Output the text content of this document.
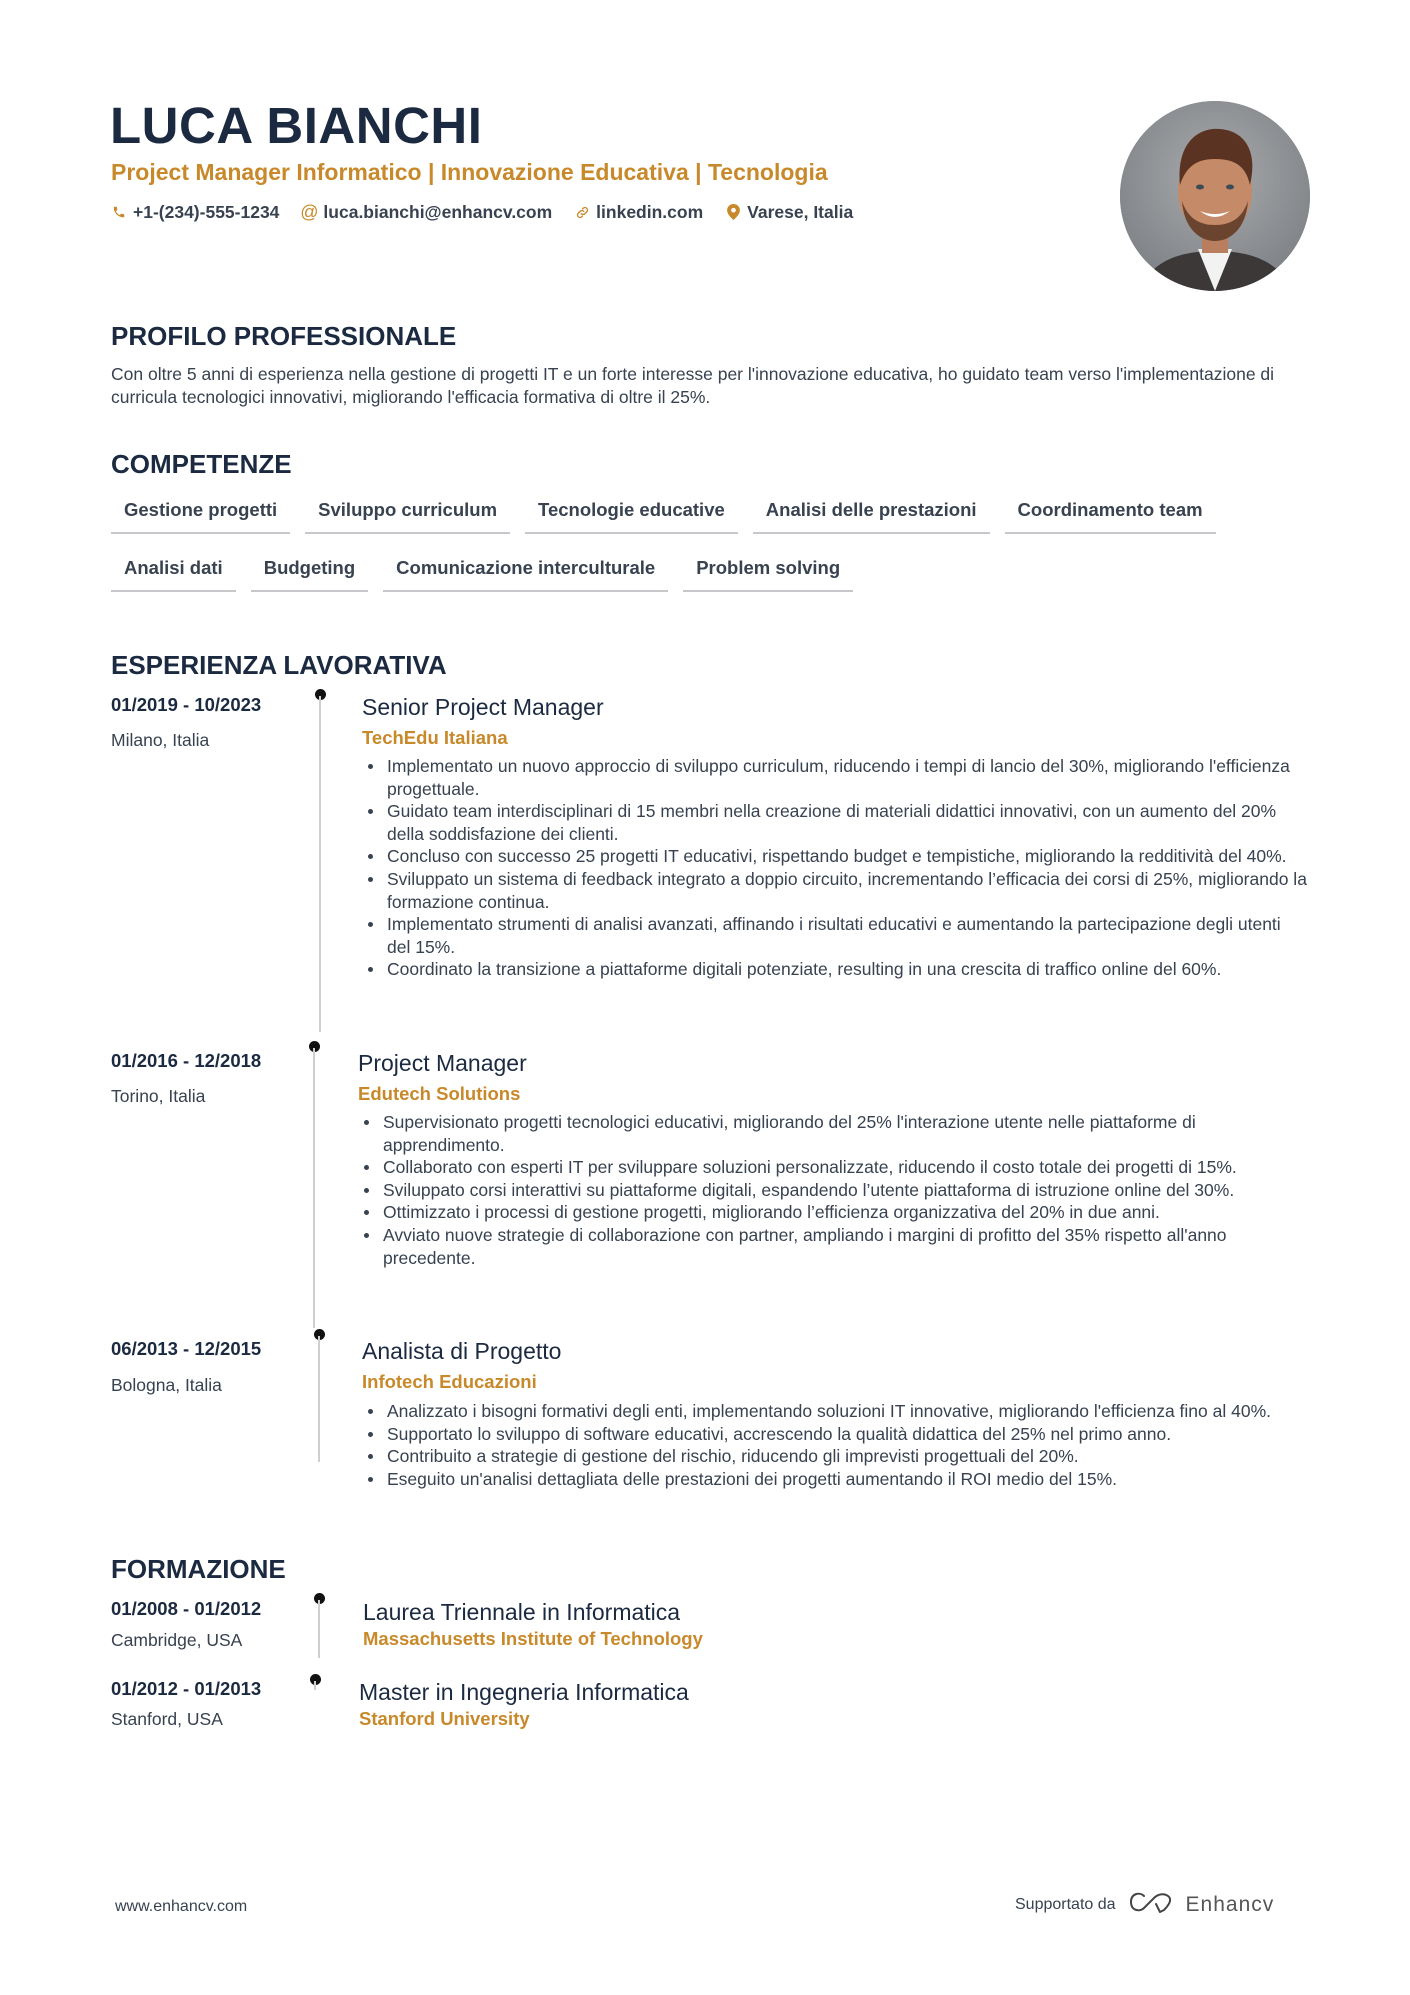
LUCA BIANCHI
Project Manager Informatico | Innovazione Educativa | Tecnologia
+1-(234)-555-1234 @ luca.bianchi@enhancv.com	linkedin.com	Varese, Italia
PROFILO PROFESSIONALE
Con oltre 5 anni di esperienza nella gestione di progetti IT e un forte interesse per l'innovazione educativa, ho guidato team verso l'implementazione di curricula tecnologici innovativi, migliorando l'efficacia formativa di oltre il 25%.
COMPETENZE
Gestione progetti	Sviluppo curriculum	Tecnologie educative	Analisi delle prestazioni	Coordinamento team
Analisi dati	Budgeting	Comunicazione interculturale	Problem solving
ESPERIENZA LAVORATIVA
01/2019 - 10/2023
Milano, Italia
Senior Project Manager
TechEdu Italiana
Implementato un nuovo approccio di sviluppo curriculum, riducendo i tempi di lancio del 30%, migliorando l'efficienza progettuale.
Guidato team interdisciplinari di 15 membri nella creazione di materiali didattici innovativi, con un aumento del 20% della soddisfazione dei clienti.
Concluso con successo 25 progetti IT educativi, rispettando budget e tempistiche, migliorando la redditività del 40%.
Sviluppato un sistema di feedback integrato a doppio circuito, incrementando l’efficacia dei corsi di 25%, migliorando la formazione continua.
Implementato strumenti di analisi avanzati, affinando i risultati educativi e aumentando la partecipazione degli utenti del 15%.
Coordinato la transizione a piattaforme digitali potenziate, resulting in una crescita di traffico online del 60%.
01/2016 - 12/2018
Torino, Italia
Project Manager
Edutech Solutions
Supervisionato progetti tecnologici educativi, migliorando del 25% l'interazione utente nelle piattaforme di apprendimento.
Collaborato con esperti IT per sviluppare soluzioni personalizzate, riducendo il costo totale dei progetti di 15%.
Sviluppato corsi interattivi su piattaforme digitali, espandendo l’utente piattaforma di istruzione online del 30%.
Ottimizzato i processi di gestione progetti, migliorando l’efficienza organizzativa del 20% in due anni.
Avviato nuove strategie di collaborazione con partner, ampliando i margini di profitto del 35% rispetto all'anno precedente.
06/2013 - 12/2015
Bologna, Italia
Analista di Progetto
Infotech Educazioni
Analizzato i bisogni formativi degli enti, implementando soluzioni IT innovative, migliorando l'efficienza fino al 40%.
Supportato lo sviluppo di software educativi, accrescendo la qualità didattica del 25% nel primo anno.
Contribuito a strategie di gestione del rischio, riducendo gli imprevisti progettuali del 20%.
Eseguito un'analisi dettagliata delle prestazioni dei progetti aumentando il ROI medio del 15%.
FORMAZIONE
01/2008 - 01/2012
Cambridge, USA
Laurea Triennale in Informatica
Massachusetts Institute of Technology
01/2012 - 01/2013
Stanford, USA
Master in Ingegneria Informatica
Stanford University
www.enhancv.com	Supportato da	Enhancv
